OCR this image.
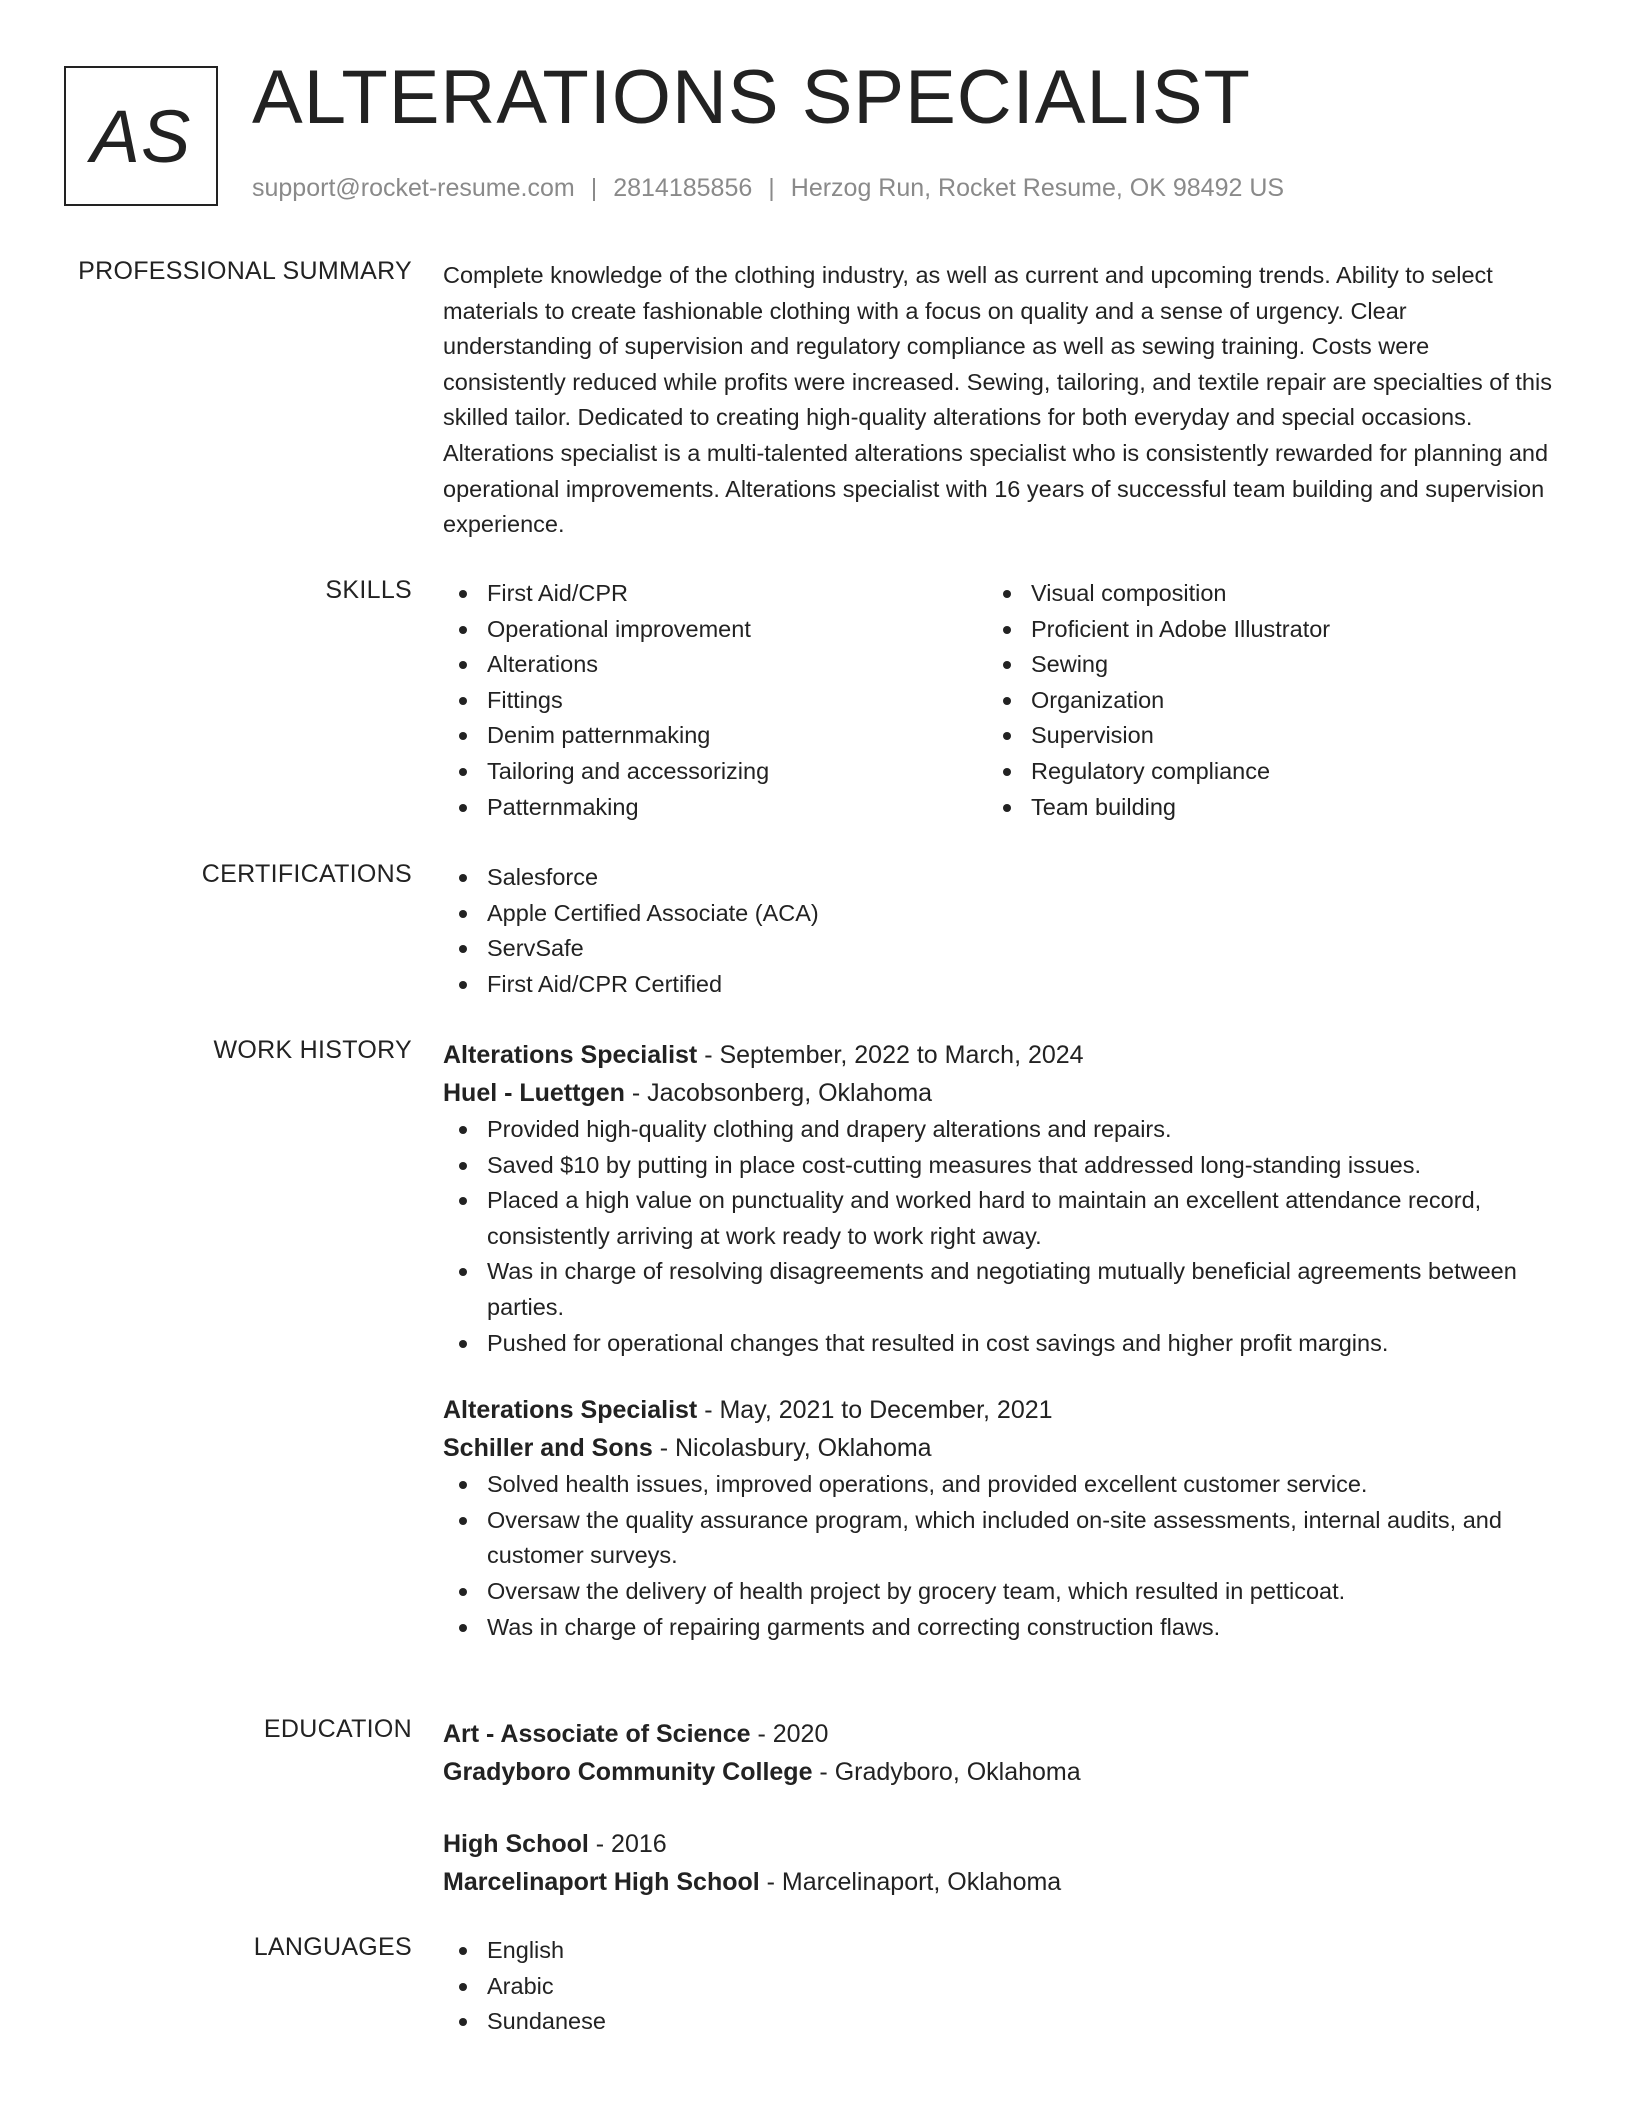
AS ALTERATIONS SPECIALIST
support@rocket-resume.com | 2814185856 | Herzog Run, Rocket Resume, OK 98492 US
PROFESSIONAL SUMMARY Complete knowledge of the clothing industry, as well as current and upcoming trends. Ability to select materials to create fashionable clothing with a focus on quality and a sense of urgency. Clear understanding of supervision and regulatory compliance as well as sewing training. Costs were consistently reduced while profits were increased. Sewing, tailoring, and textile repair are specialties of this skilled tailor. Dedicated to creating high-quality alterations for both everyday and special occasions. Alterations specialist is a multi-talented alterations specialist who is consistently rewarded for planning and operational improvements. Alterations specialist with 16 years of successful team building and supervision experience.

SKILLS	First Aid/CPR
Operational improvement
Alterations
Fittings
Denim patternmaking
Tailoring and accessorizing
Patternmaking
Visual composition
Proficient in Adobe Illustrator
Sewing
Organization
Supervision
Regulatory compliance
Team building
CERTIFICATIONS	Salesforce
Apple Certified Associate (ACA)
ServSafe
First Aid/CPR Certified
WORK HISTORY Alterations Specialist - September, 2022 to March, 2024
Huel - Luettgen - Jacobsonberg, Oklahoma
Provided high-quality clothing and drapery alterations and repairs.
Saved $10 by putting in place cost-cutting measures that addressed long-standing issues.
Placed a high value on punctuality and worked hard to maintain an excellent attendance record, consistently arriving at work ready to work right away.
Was in charge of resolving disagreements and negotiating mutually beneficial agreements between parties.
Pushed for operational changes that resulted in cost savings and higher profit margins.
Alterations Specialist - May, 2021 to December, 2021
Schiller and Sons - Nicolasbury, Oklahoma
Solved health issues, improved operations, and provided excellent customer service.
Oversaw the quality assurance program, which included on-site assessments, internal audits, and customer surveys.
Oversaw the delivery of health project by grocery team, which resulted in petticoat.
Was in charge of repairing garments and correcting construction flaws.
EDUCATION Art - Associate of Science - 2020
Gradyboro Community College - Gradyboro, Oklahoma
High School - 2016
Marcelinaport High School - Marcelinaport, Oklahoma
LANGUAGES	English
Arabic
Sundanese
